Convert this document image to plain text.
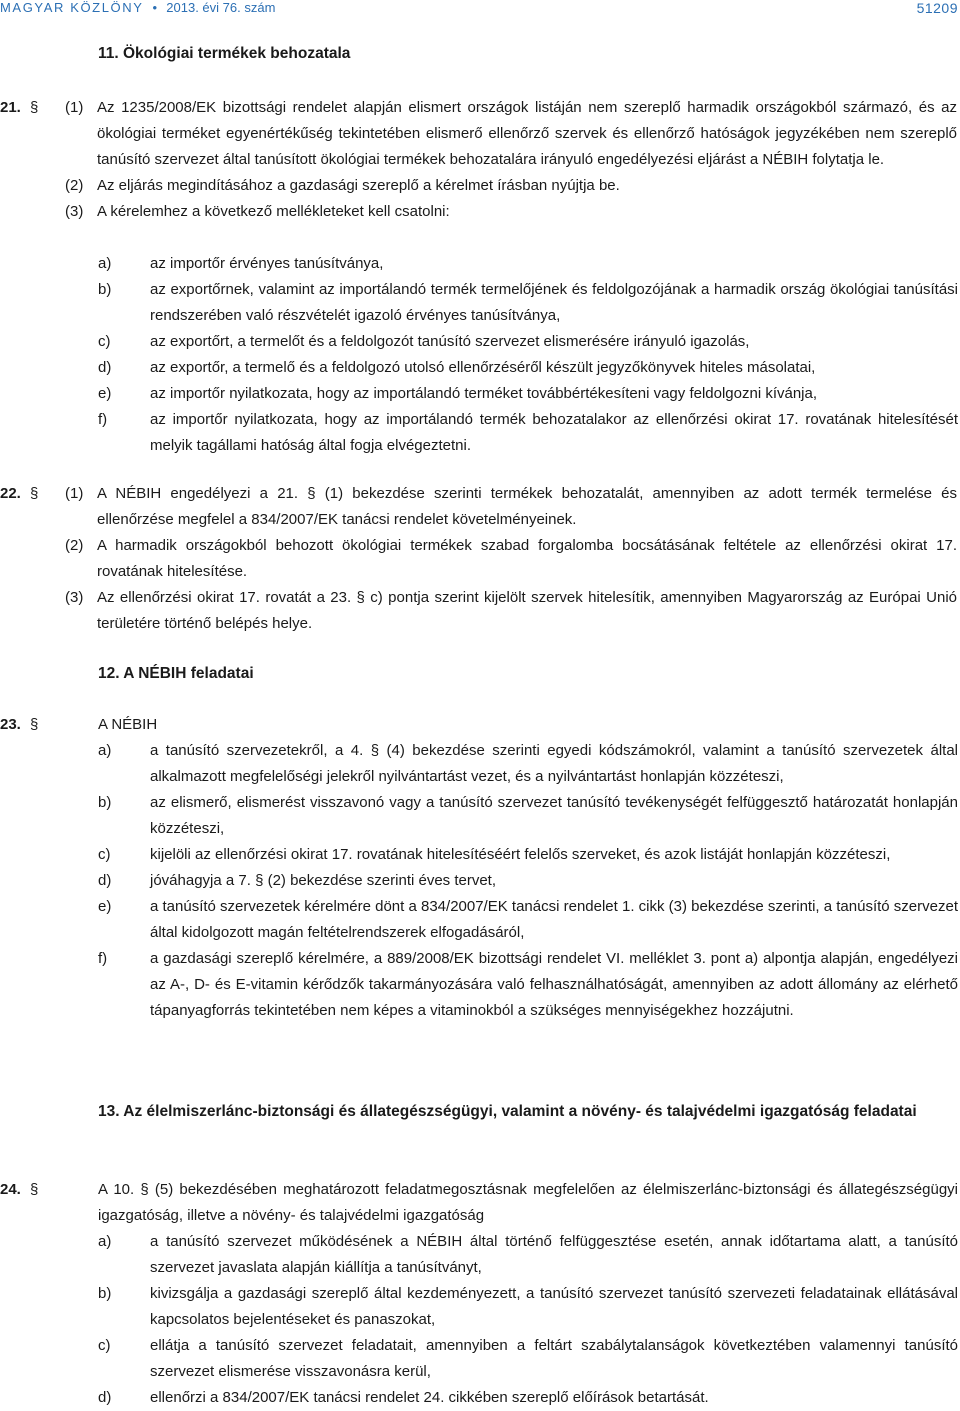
MAGYAR KÖZLÖNY • 2013. évi 76. szám	51209
11. Ökológiai termékek behozatala
21. § (1) Az 1235/2008/EK bizottsági rendelet alapján elismert országok listáján nem szereplő harmadik országokból származó, és az ökológiai terméket egyenértékűség tekintetében elismerő ellenőrző szervek és ellenőrző hatóságok jegyzékében nem szereplő tanúsító szervezet által tanúsított ökológiai termékek behozatalára irányuló engedélyezési eljárást a NÉBIH folytatja le.

(2) Az eljárás megindításához a gazdasági szereplő a kérelmet írásban nyújtja be.

(3) A kérelemhez a következő mellékleteket kell csatolni:

a)	az importőr érvényes tanúsítványa,

b)	az exportőrnek, valamint az importálandó termék termelőjének és feldolgozójának a harmadik ország ökológiai tanúsítási rendszerében való részvételét igazoló érvényes tanúsítványa,

c)	az exportőrt, a termelőt és a feldolgozót tanúsító szervezet elismerésére irányuló igazolás,

d)	az exportőr, a termelő és a feldolgozó utolsó ellenőrzéséről készült jegyzőkönyvek hiteles másolatai,

e)	az importőr nyilatkozata, hogy az importálandó terméket továbbértékesíteni vagy feldolgozni kívánja,

f)	az importőr nyilatkozata, hogy az importálandó termék behozatalakor az ellenőrzési okirat 17. rovatának hitelesítését melyik tagállami hatóság által fogja elvégeztetni.

22. § (1) A NÉBIH engedélyezi a 21. § (1) bekezdése szerinti termékek behozatalát, amennyiben az adott termék termelése és ellenőrzése megfelel a 834/2007/EK tanácsi rendelet követelményeinek.

(2) A harmadik országokból behozott ökológiai termékek szabad forgalomba bocsátásának feltétele az ellenőrzési okirat 17. rovatának hitelesítése.

(3) Az ellenőrzési okirat 17. rovatát a 23. § c) pontja szerint kijelölt szervek hitelesítik, amennyiben Magyarország az Európai Unió területére történő belépés helye.

12. A NÉBIH feladatai
23. §	A NÉBIH

a)	a tanúsító szervezetekről, a 4. § (4) bekezdése szerinti egyedi kódszámokról, valamint a tanúsító szervezetek által alkalmazott megfelelőségi jelekről nyilvántartást vezet, és a nyilvántartást honlapján közzéteszi,

b)	az elismerő, elismerést visszavonó vagy a tanúsító szervezet tanúsító tevékenységét felfüggesztő határozatát honlapján közzéteszi,

c)	kijelöli az ellenőrzési okirat 17. rovatának hitelesítéséért felelős szerveket, és azok listáját honlapján közzéteszi,

d)	jóváhagyja a 7. § (2) bekezdése szerinti éves tervet,

e)	a tanúsító szervezetek kérelmére dönt a 834/2007/EK tanácsi rendelet 1. cikk (3) bekezdése szerinti, a tanúsító szervezet által kidolgozott magán feltételrendszerek elfogadásáról,

f)	a gazdasági szereplő kérelmére, a 889/2008/EK bizottsági rendelet VI. melléklet 3. pont a) alpontja alapján, engedélyezi az A-, D- és E-vitamin kérődzők takarmányozására való felhasználhatóságát, amennyiben az adott állomány az elérhető tápanyagforrás tekintetében nem képes a vitaminokból a szükséges mennyiségekhez hozzájutni.

13. Az élelmiszerlánc-biztonsági és állategészségügyi, valamint a növény- és talajvédelmi igazgatóság feladatai
24. §	A 10. § (5) bekezdésében meghatározott feladatmegosztásnak megfelelően az élelmiszerlánc-biztonsági és állategészségügyi igazgatóság, illetve a növény- és talajvédelmi igazgatóság

a)	a tanúsító szervezet működésének a NÉBIH által történő felfüggesztése esetén, annak időtartama alatt, a tanúsító szervezet javaslata alapján kiállítja a tanúsítványt,

b)	kivizsgálja a gazdasági szereplő által kezdeményezett, a tanúsító szervezet tanúsító szervezeti feladatainak ellátásával kapcsolatos bejelentéseket és panaszokat,

c)	ellátja a tanúsító szervezet feladatait, amennyiben a feltárt szabálytalanságok következtében valamennyi tanúsító szervezet elismerése visszavonásra kerül,

d)	ellenőrzi a 834/2007/EK tanácsi rendelet 24. cikkében szereplő előírások betartását.
